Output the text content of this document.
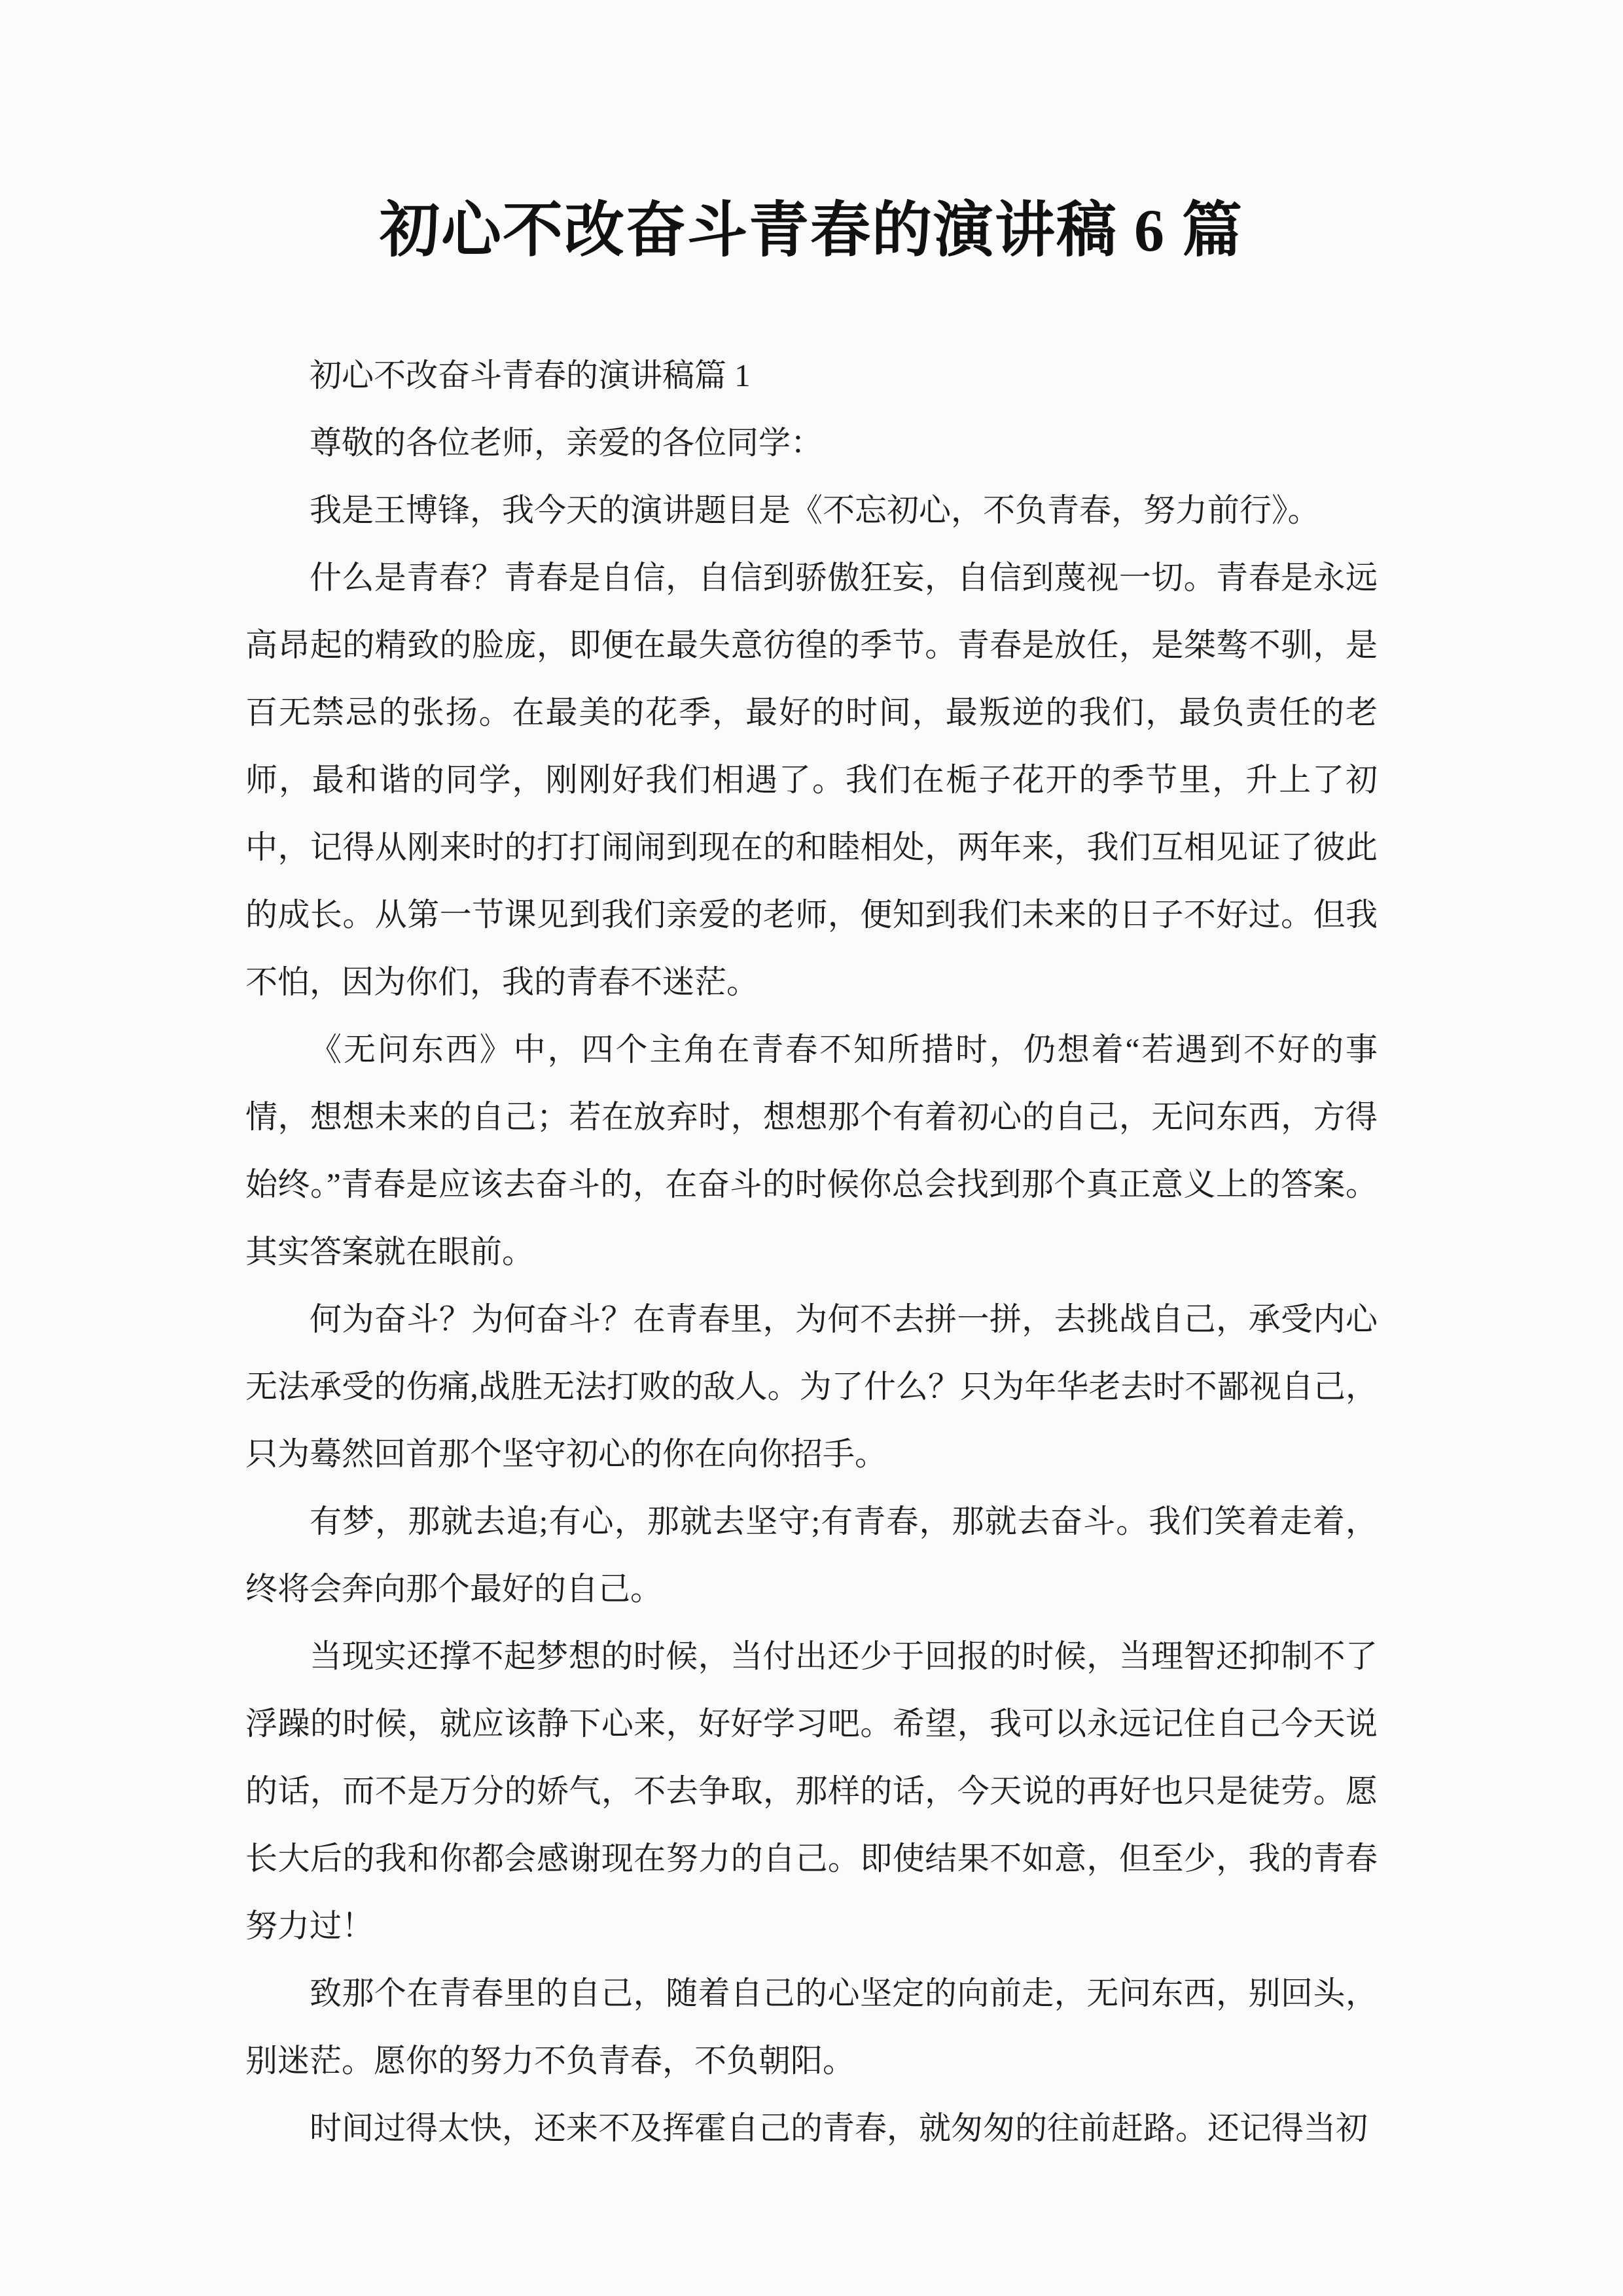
初心不改奋斗青春的演讲稿 6 篇

初心不改奋斗青春的演讲稿篇 1

尊敬的各位老师，亲爱的各位同学：

我是王博锋，我今天的演讲题目是《不忘初心，不负青春，努力前行》。

什么是青春？青春是自信，自信到骄傲狂妄，自信到蔑视一切。青春是永远高昂起的精致的脸庞，即便在最失意彷徨的季节。青春是放任，是桀骜不驯，是百无禁忌的张扬。在最美的花季，最好的时间，最叛逆的我们，最负责任的老师，最和谐的同学，刚刚好我们相遇了。我们在栀子花开的季节里，升上了初中，记得从刚来时的打打闹闹到现在的和睦相处，两年来，我们互相见证了彼此的成长。从第一节课见到我们亲爱的老师，便知到我们未来的日子不好过。但我不怕，因为你们，我的青春不迷茫。

《无问东西》中，四个主角在青春不知所措时，仍想着“若遇到不好的事情，想想未来的自己；若在放弃时，想想那个有着初心的自己，无问东西，方得始终。”青春是应该去奋斗的，在奋斗的时候你总会找到那个真正意义上的答案。其实答案就在眼前。

何为奋斗？为何奋斗？在青春里，为何不去拼一拼，去挑战自己，承受内心无法承受的伤痛,战胜无法打败的敌人。为了什么？只为年华老去时不鄙视自己，只为蓦然回首那个坚守初心的你在向你招手。

有梦，那就去追;有心，那就去坚守;有青春，那就去奋斗。我们笑着走着，终将会奔向那个最好的自己。

当现实还撑不起梦想的时候，当付出还少于回报的时候，当理智还抑制不了浮躁的时候，就应该静下心来，好好学习吧。希望，我可以永远记住自己今天说的话，而不是万分的娇气，不去争取，那样的话，今天说的再好也只是徒劳。愿长大后的我和你都会感谢现在努力的自己。即使结果不如意，但至少，我的青春努力过！

致那个在青春里的自己，随着自己的心坚定的向前走，无问东西，别回头，别迷茫。愿你的努力不负青春，不负朝阳。

时间过得太快，还来不及挥霍自己的青春，就匆匆的往前赶路。还记得当初
